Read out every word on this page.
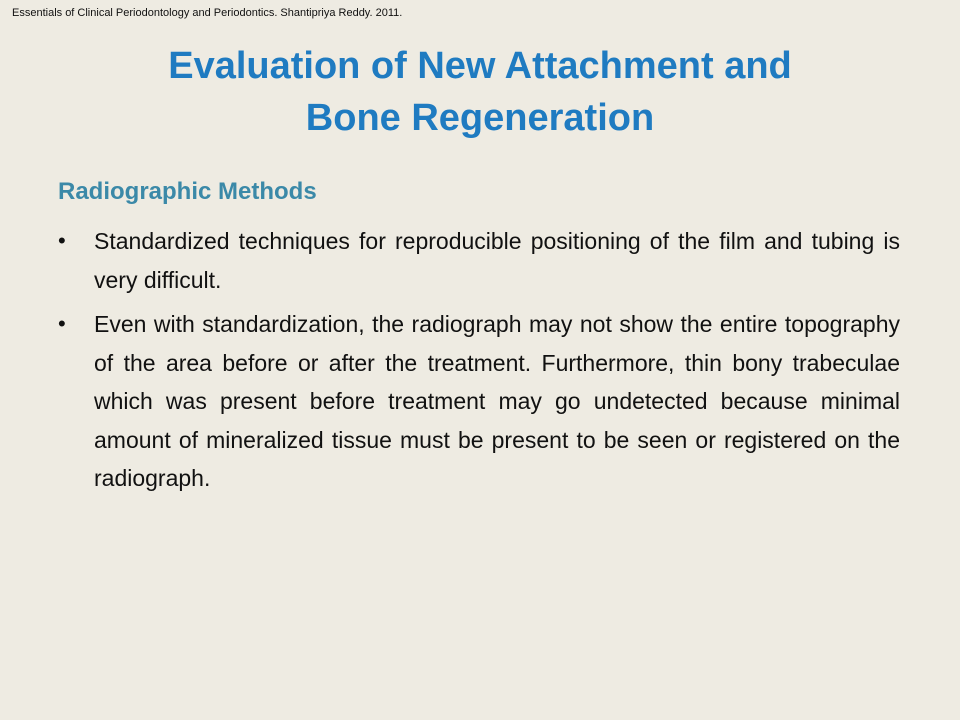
Essentials of Clinical Periodontology and Periodontics. Shantipriya Reddy. 2011.
Evaluation of New Attachment and
Bone Regeneration
Radiographic Methods
•	Standardized techniques for reproducible positioning of the film and tubing is very difficult.
•	Even with standardization, the radiograph may not show the entire topography of the area before or after the treatment. Furthermore, thin bony trabeculae which was present before treatment may go undetected because minimal amount of mineralized tissue must be present to be seen or registered on the radiograph.
